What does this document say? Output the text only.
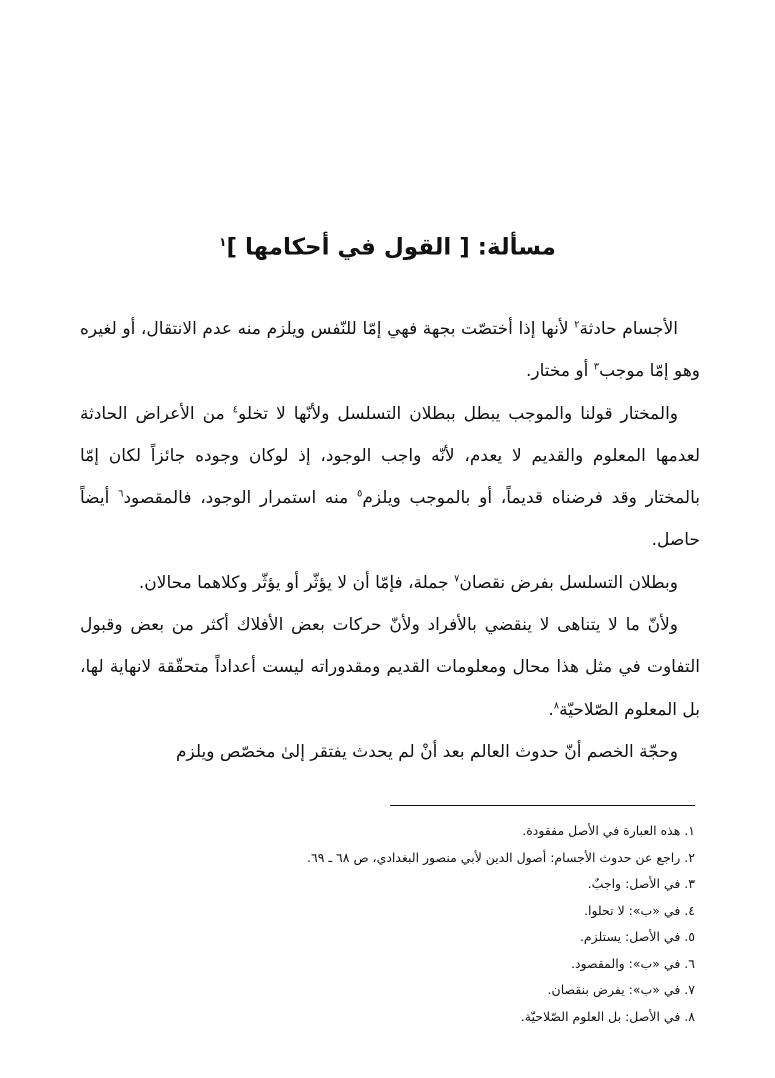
مسألة: [ القول في أحكامها ]$^١$

الأجسام حادثة$^٢$ لأنها إذا أختصّت بجهة فهي إمّا للنّفس ويلزم منه عدم الانتقال، أو لغيره وهو إمّا موجب$^٣$ أو مختار.

والمختار قولنا والموجب يبطل ببطلان التسلسل ولأنّها لا تخلو$^٤$ من الأعراض الحادثة لعدمها المعلوم والقديم لا يعدم، لأنّه واجب الوجود، إذ لوكان وجوده جائزاً لكان إمّا بالمختار وقد فرضناه قديماً، أو بالموجب ويلزم$^٥$ منه استمرار الوجود، فالمقصود$^٦$ أيضاً حاصل.

وبطلان التسلسل بفرض نقصان$^٧$ جملة، فإمّا أن لا يؤثّر أو يؤثّر وكلاهما محالان.

ولأنّ ما لا يتناهى لا ينقضي بالأفراد ولأنّ حركات بعض الأفلاك أكثر من بعض وقبول التفاوت في مثل هذا محال ومعلومات القديم ومقدوراته ليست أعداداً متحقّقة لانهاية لها، بل المعلوم الصّلاحيّة$^٨$.

وحجّة الخصم أنّ حدوث العالم بعد أنْ لم يحدث يفتقر إلىٰ مخصّص ويلزم

١. هذه العبارة في الأصل مفقودة.
٢. راجع عن حدوث الأجسام: أصول الدين لأبي منصور البغدادي، ص ٦٨ ـ ٦٩.
٣. في الأصل: واجبٌ.
٤. في «ب»: لا تحلوا.
٥. في الأصل: يستلزم.
٦. في «ب»: والمقصود.
٧. في «ب»: يفرض بنقصان.
٨. في الأصل: بل العلوم الصّلاحيّة.
